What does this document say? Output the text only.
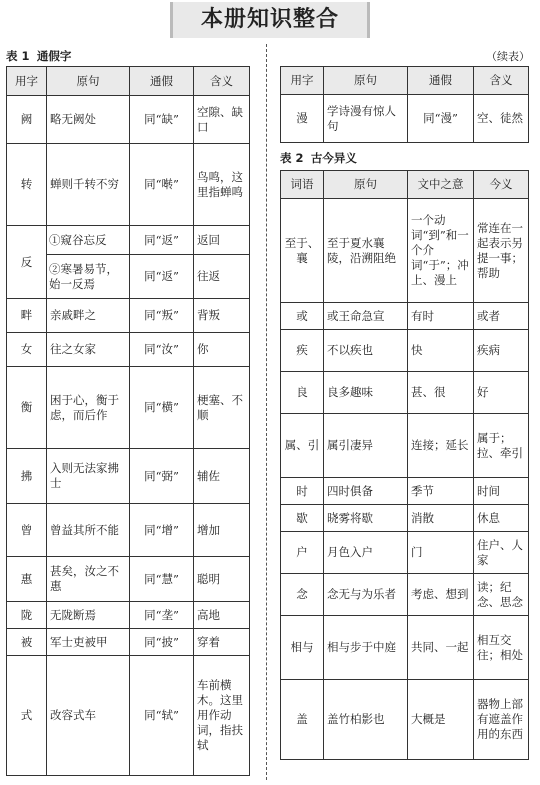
本册知识整合
表 1 通假字	（续表）
用字	原句	通假	含义
阙	略无阙处	同“缺”	空隙、缺口
转	蝉则千转不穷	同“啭”	鸟鸣，这里指蝉鸣
反	①窥谷忘反	同“返”	返回
	②寒暑易节，始一反焉	同“返”	往返
畔	亲戚畔之	同“叛”	背叛
女	往之女家	同“汝”	你
衡	困于心，衡于虑，而后作	同“横”	梗塞、不顺
拂	入则无法家拂士	同“弼”	辅佐
曾	曾益其所不能	同“增”	增加
惠	甚矣，汝之不惠	同“慧”	聪明
陇	无陇断焉	同“垄”	高地
被	军士吏被甲	同“披”	穿着
式	改容式车	同“轼”	车前横木。这里用作动词，指扶轼
用字	原句	通假	含义
漫	学诗漫有惊人句	同“漫”	空、徒然
表 2 古今异义
词语	原句	文中之意	今义
至于、襄	至于夏水襄陵，沿溯阻绝	一个动词“到”和一个介词“于”；冲上、漫上	常连在一起表示另提一事；帮助
或	或王命急宣	有时	或者
疾	不以疾也	快	疾病
良	良多趣味	甚、很	好
属、引	属引凄异	连接；延长	属于；拉、牵引
时	四时俱备	季节	时间
歇	晓雾将歇	消散	休息
户	月色入户	门	住户、人家
念	念无与为乐者	考虑、想到	读；纪念、思念
相与	相与步于中庭	共同、一起	相互交往；相处
盖	盖竹柏影也	大概是	器物上部有遮盖作用的东西
